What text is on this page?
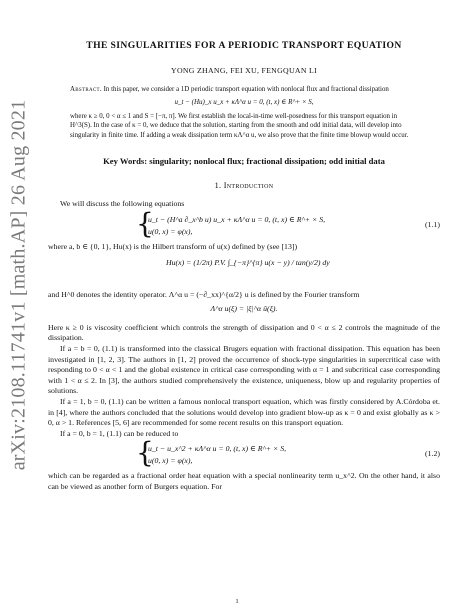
arXiv:2108.11741v1 [math.AP] 26 Aug 2021
THE SINGULARITIES FOR A PERIODIC TRANSPORT EQUATION
YONG ZHANG, FEI XU, FENGQUAN LI

Abstract. In this paper, we consider a 1D periodic transport equation with nonlocal flux and fractional dissipation

u_t − (Hu)_x u_x + κΛ^α u = 0, (t, x) ∈ R^+ × S,

where κ ≥ 0, 0 < α ≤ 1 and S = [−π, π]. We first establish the local-in-time well-posedness for this transport equation in H^3(S). In the case of κ = 0, we deduce that the solution, starting from the smooth and odd initial data, will develop into singularity in finite time. If adding a weak dissipation term κΛ^α u, we also prove that the finite time blowup would occur.

Key Words: singularity; nonlocal flux; fractional dissipation; odd initial data
1. Introduction

We will discuss the following equations

{
u_t − (H^a ∂_x^b u) u_x + κΛ^α u = 0, (t, x) ∈ R^+ × S,
u(0, x) = φ(x),
(1.1)

where a, b ∈ {0, 1}, Hu(x) is the Hilbert transform of u(x) defined by (see [13])

Hu(x) = (1/2π) P.V. ∫_{−π}^{π} u(x − y) / tan(y/2) dy

and H^0 denotes the identity operator. Λ^α u = (−∂_xx)^{α/2} u is defined by the Fourier transform

Λ^α u(ξ) = |ξ|^α û(ξ).

Here κ ≥ 0 is viscosity coefficient which controls the strength of dissipation and 0 < α ≤ 2 controls the magnitude of the dissipation.

If a = b = 0, (1.1) is transformed into the classical Brugers equation with fractional dissipation. This equation has been investigated in [1, 2, 3]. The authors in [1, 2] proved the occurrence of shock-type singularities in supercritical case with responding to 0 < α < 1 and the global existence in critical case corresponding with α = 1 and subcritical case corresponding with 1 < α ≤ 2. In [3], the authors studied comprehensively the existence, uniqueness, blow up and regularity properties of solutions.

If a = 1, b = 0, (1.1) can be written a famous nonlocal transport equation, which was firstly considered by A.Córdoba et. in [4], where the authors concluded that the solutions would develop into gradient blow-up as κ = 0 and exist globally as κ > 0, α > 1. References [5, 6] are recommended for some recent results on this transport equation.

If a = 0, b = 1, (1.1) can be reduced to

{
u_t − u_x^2 + κΛ^α u = 0, (t, x) ∈ R^+ × S,
u(0, x) = φ(x),
(1.2)

which can be regarded as a fractional order heat equation with a special nonlinearity term u_x^2. On the other hand, it also can be viewed as another form of Burgers equation. For

1
